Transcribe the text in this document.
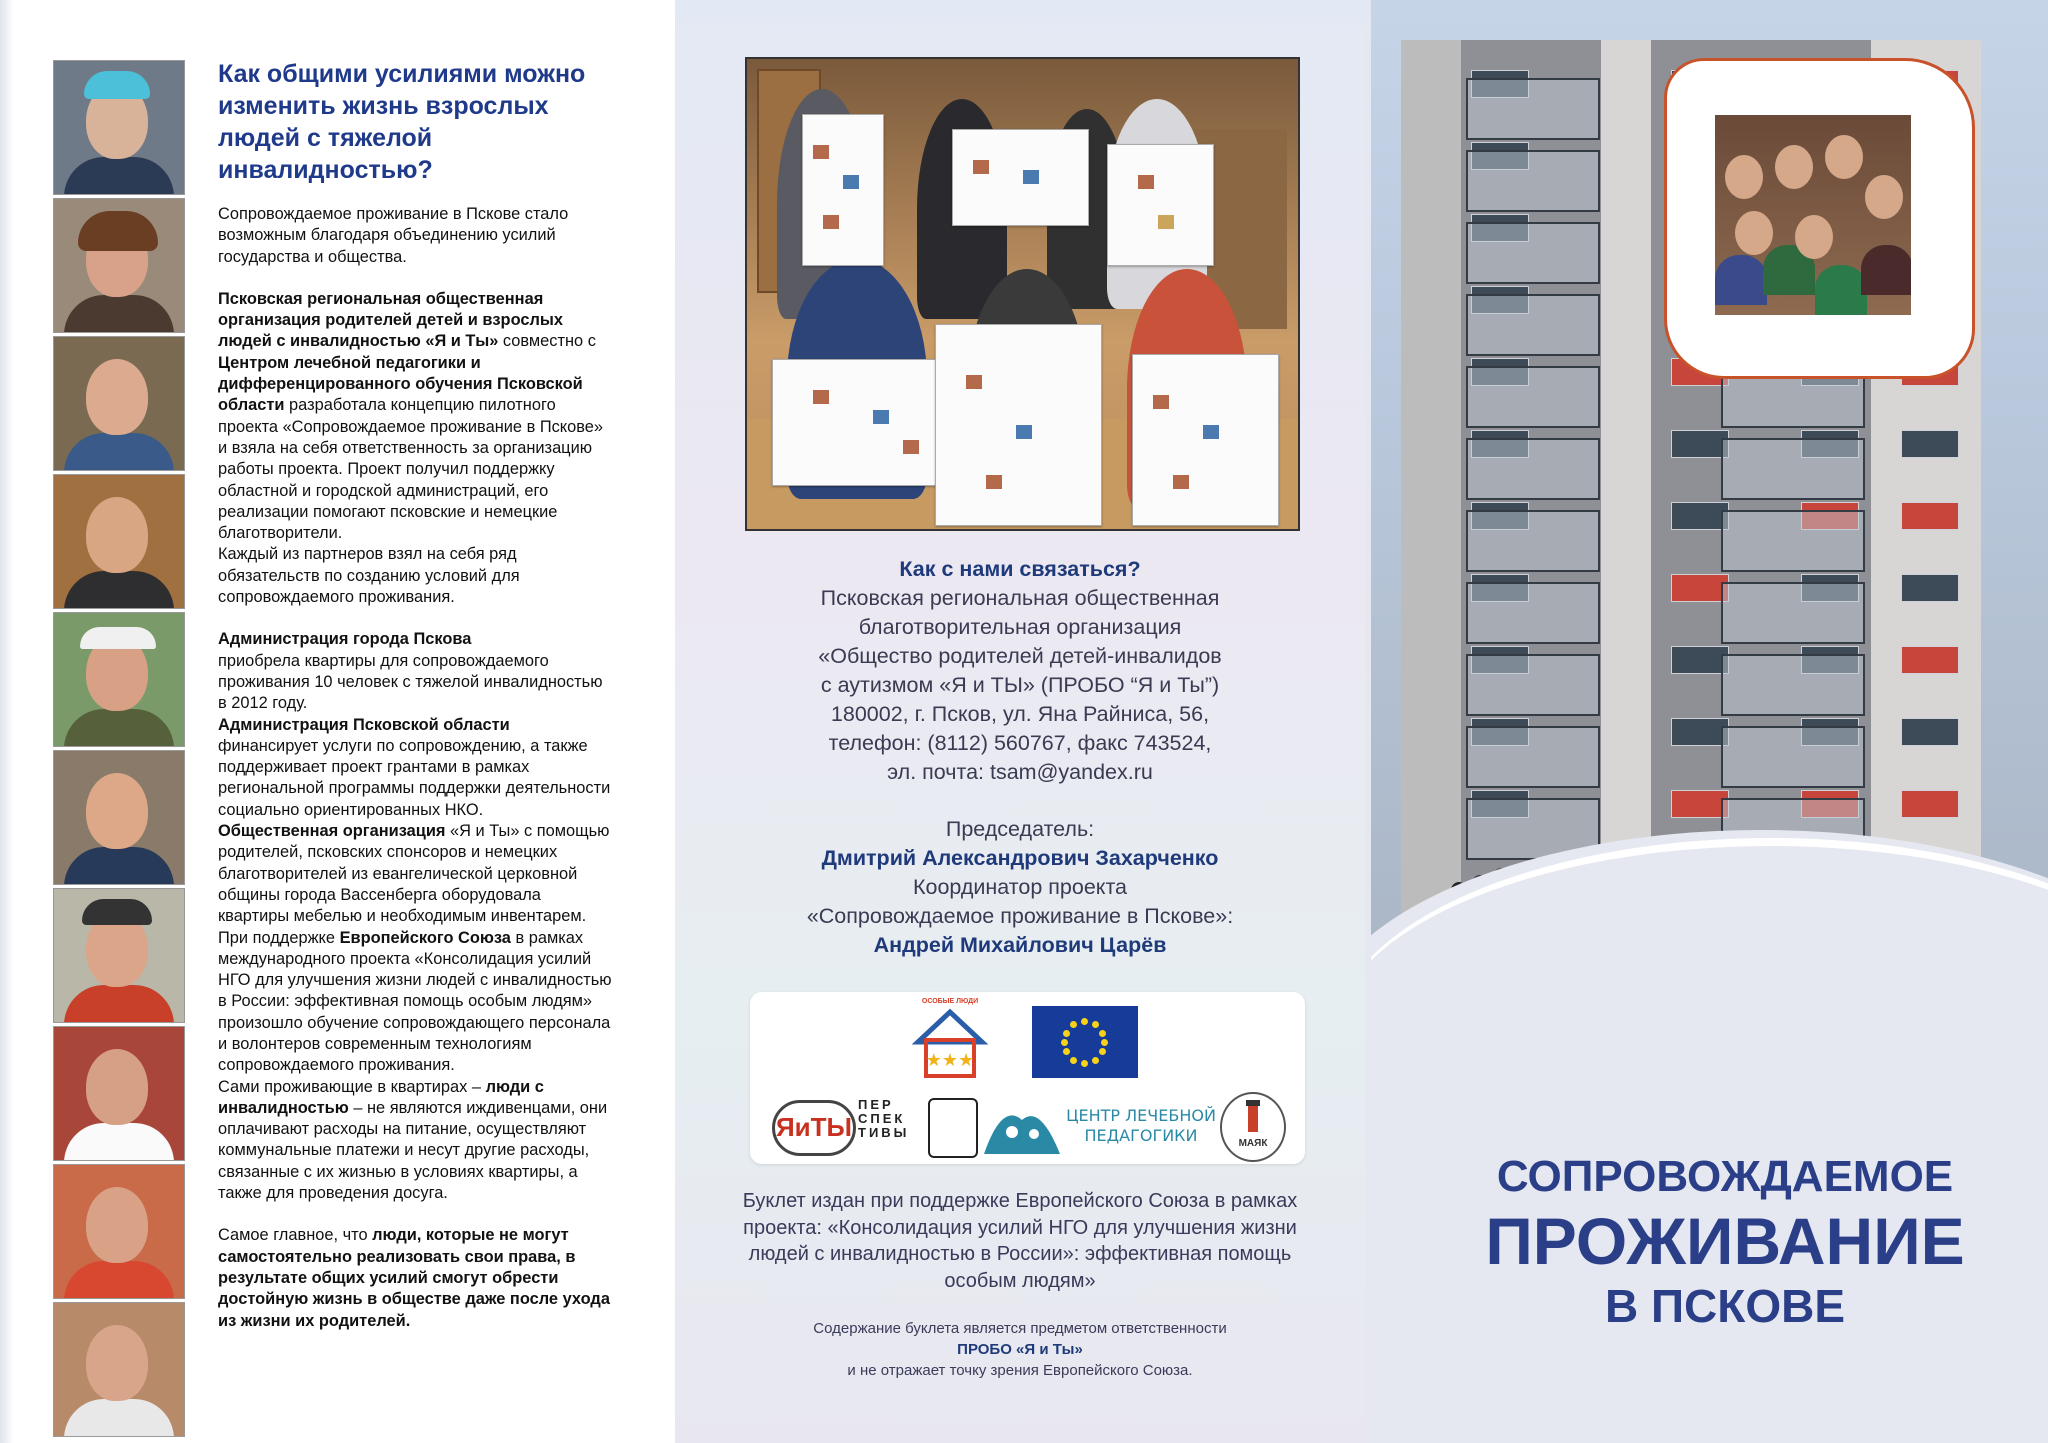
Как общими усилиями можно изменить жизнь взрослых людей с тяжелой инвалидностью?

Сопровождаемое проживание в Пскове стало возможным благодаря объединению усилий государства и общества.

Псковская региональная общественная организация родителей детей и взрослых людей с инвалидностью «Я и Ты» совместно с Центром лечебной педагогики и дифференцированного обучения Псковской области разработала концепцию пилотного проекта «Сопровождаемое проживание в Пскове» и взяла на себя ответственность за организацию работы проекта. Проект получил поддержку областной и городской администраций, его реализации помогают псковские и немецкие благотворители.

Каждый из партнеров взял на себя ряд обязательств по созданию условий для сопровождаемого проживания.

Администрация города Пскова
приобрела квартиры для сопровождаемого проживания 10 человек с тяжелой инвалидностью в 2012 году.

Администрация Псковской области
финансирует услуги по сопровождению, а также поддерживает проект грантами в рамках региональной программы поддержки деятельности социально ориентированных НКО.

Общественная организация «Я и Ты» с помощью родителей, псковских спонсоров и немецких благотворителей из евангелической церковной общины города Вассенберга оборудовала квартиры мебелью и необходимым инвентарем.

При поддержке Европейского Союза в рамках международного проекта «Консолидация усилий НГО для улучшения жизни людей с инвалидностью в России: эффективная помощь особым людям» произошло обучение сопровождающего персонала и волонтеров современным технологиям сопровождаемого проживания.

Сами проживающие в квартирах – люди с инвалидностью – не являются иждивенцами, они оплачивают расходы на питание, осуществляют коммунальные платежи и несут другие расходы, связанные с их жизнью в условиях квартиры, а также для проведения досуга.

Самое главное, что люди, которые не могут самостоятельно реализовать свои права, в результате общих усилий смогут обрести достойную жизнь в обществе даже после ухода из жизни их родителей.

Как с нами связаться?
Псковская региональная общественная
благотворительная организация
«Общество родителей детей-инвалидов
с аутизмом «Я и ТЫ» (ПРОБО “Я и Ты”)
180002, г. Псков, ул. Яна Райниса, 56,
телефон: (8112) 560767, факс 743524,
эл. почта: tsam@yandex.ru
Председатель:
Дмитрий Александрович Захарченко
Координатор проекта
«Сопровождаемое проживание в Пскове»:
Андрей Михайлович Царёв
★★★
ОСОБЫЕ ЛЮДИ
ЯиТЫ
ПЕР
СПЕК
ТИВЫ
ЦЕНТР ЛЕЧЕБНОЙ ПЕДАГОГИКИ	МАЯК
Буклет издан при поддержке Европейского Союза в рамках проекта: «Консолидация усилий НГО для улучшения жизни людей с инвалидностью в России»: эффективная помощь особым людям»
Содержание буклета является предметом ответственности
ПРОБО «Я и Ты»
и не отражает точку зрения Европейского Союза.
СОПРОВОЖДАЕМОЕ
ПРОЖИВАНИЕ
В ПСКОВЕ
